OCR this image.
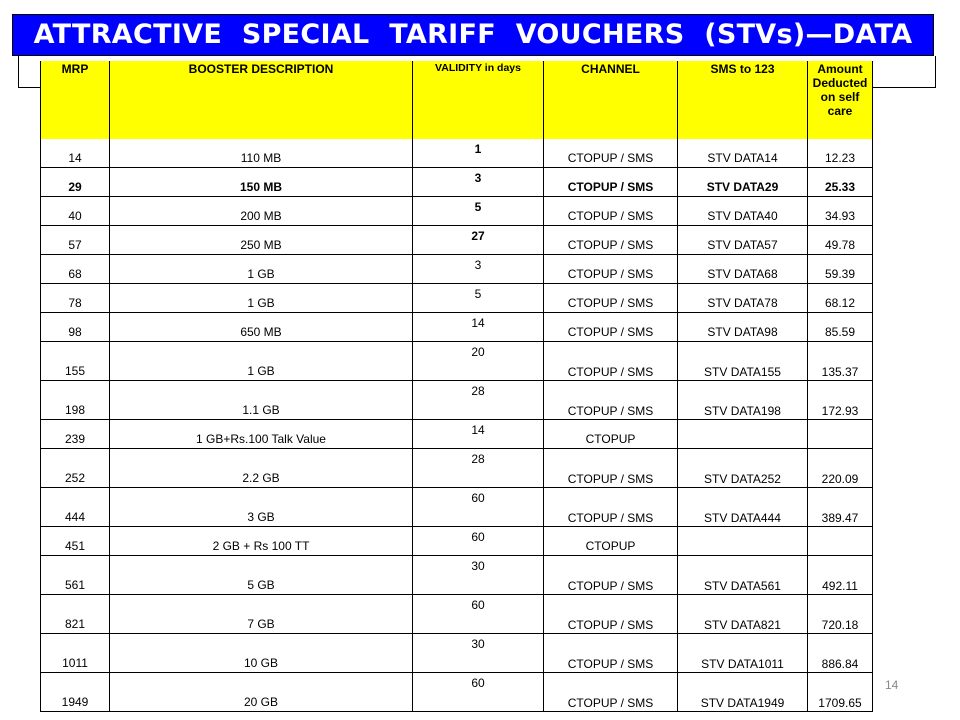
ATTRACTIVE SPECIAL TARIFF VOUCHERS (STVs)—DATA
MRP	BOOSTER DESCRIPTION	VALIDITY in days	CHANNEL	SMS to 123	Amount Deducted on self care
14	110 MB	1	CTOPUP / SMS	STV DATA14	12.23
29	150 MB	3	CTOPUP / SMS	STV DATA29	25.33
40	200 MB	5	CTOPUP / SMS	STV DATA40	34.93
57	250 MB	27	CTOPUP / SMS	STV DATA57	49.78
68	1 GB	3	CTOPUP / SMS	STV DATA68	59.39
78	1 GB	5	CTOPUP / SMS	STV DATA78	68.12
98	650 MB	14	CTOPUP / SMS	STV DATA98	85.59
155	1 GB	20	CTOPUP / SMS	STV DATA155	135.37
198	1.1 GB	28	CTOPUP / SMS	STV DATA198	172.93
239	1 GB+Rs.100 Talk Value	14	CTOPUP		
252	2.2 GB	28	CTOPUP / SMS	STV DATA252	220.09
444	3 GB	60	CTOPUP / SMS	STV DATA444	389.47
451	2 GB + Rs 100 TT	60	CTOPUP		
561	5 GB	30	CTOPUP / SMS	STV DATA561	492.11
821	7 GB	60	CTOPUP / SMS	STV DATA821	720.18
1011	10 GB	30	CTOPUP / SMS	STV DATA1011	886.84
1949	20 GB	60	CTOPUP / SMS	STV DATA1949	1709.65
14
